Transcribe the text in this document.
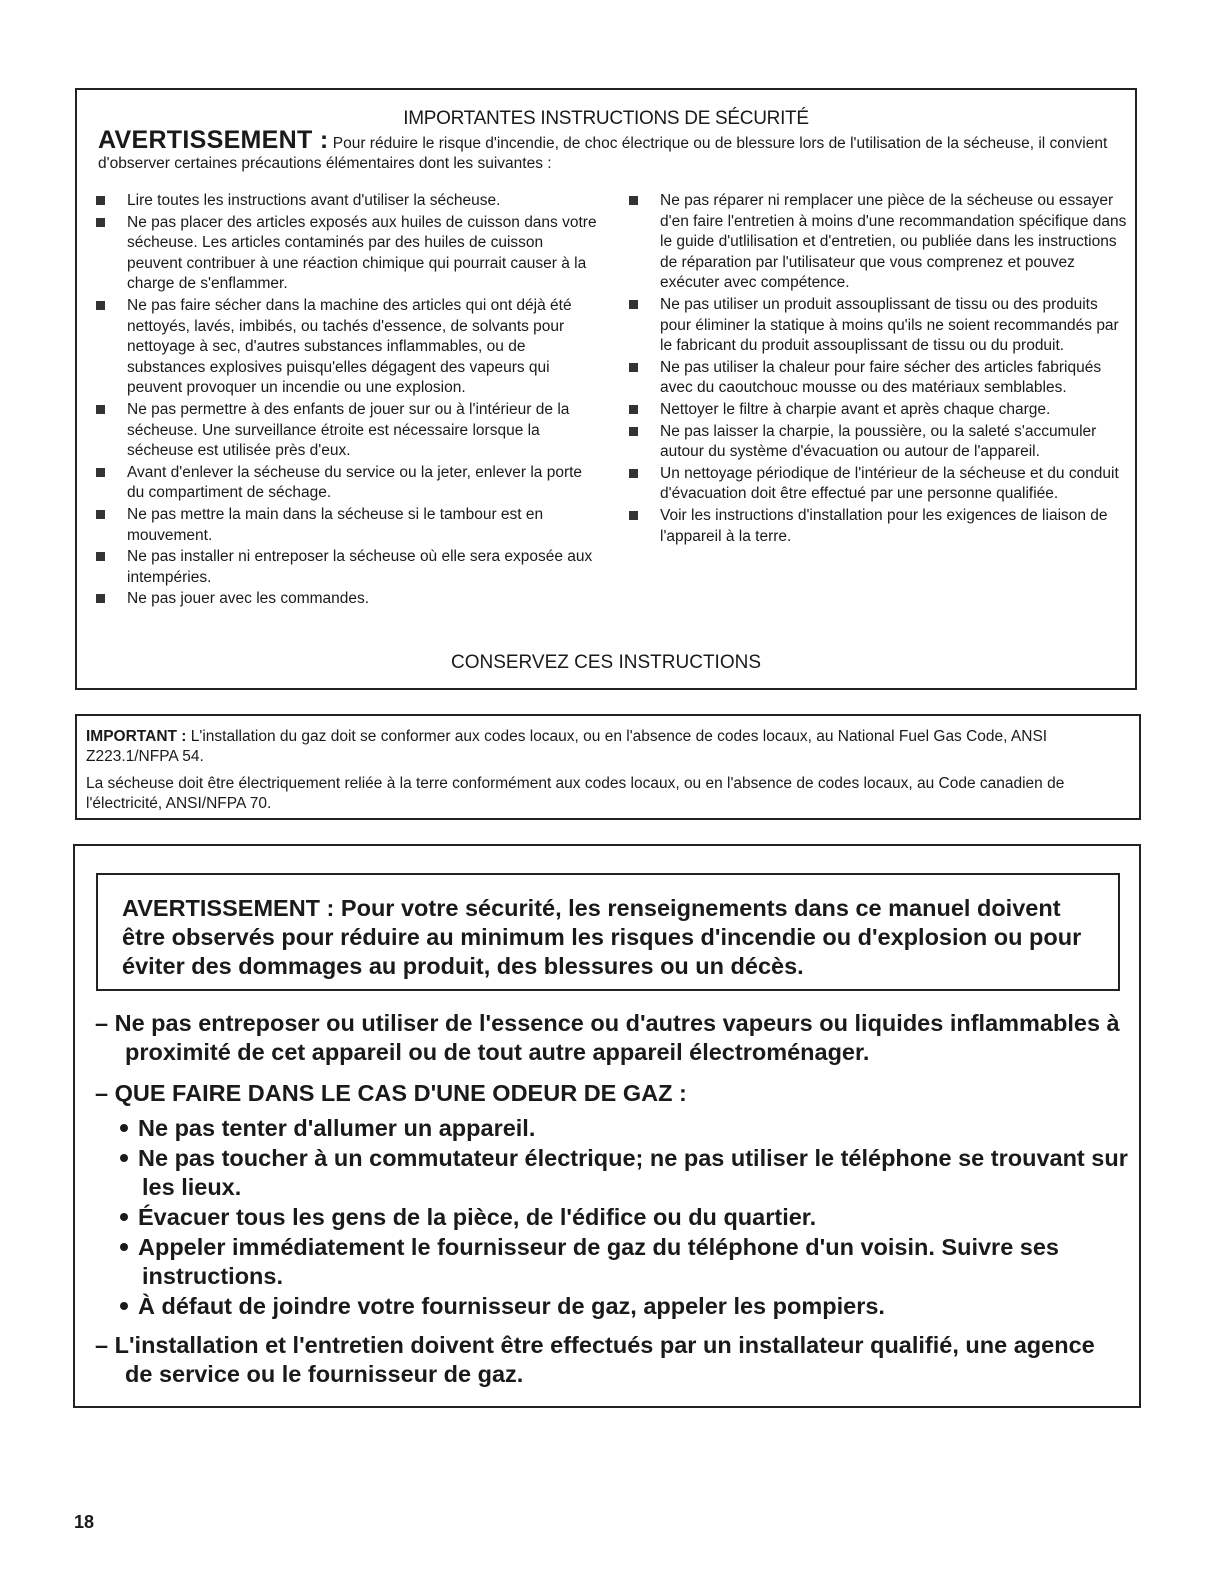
IMPORTANTES INSTRUCTIONS DE SÉCURITÉ
AVERTISSEMENT : Pour réduire le risque d'incendie, de choc électrique ou de blessure lors de l'utilisation de la sécheuse, il convient d'observer certaines précautions élémentaires dont les suivantes :
Lire toutes les instructions avant d'utiliser la sécheuse.
Ne pas placer des articles exposés aux huiles de cuisson dans votre sécheuse. Les articles contaminés par des huiles de cuisson peuvent contribuer à une réaction chimique qui pourrait causer à la charge de s'enflammer.
Ne pas faire sécher dans la machine des articles qui ont déjà été nettoyés, lavés, imbibés, ou tachés d'essence, de solvants pour nettoyage à sec, d'autres substances inflammables, ou de substances explosives puisqu'elles dégagent des vapeurs qui peuvent provoquer un incendie ou une explosion.
Ne pas permettre à des enfants de jouer sur ou à l'intérieur de la sécheuse. Une surveillance étroite est nécessaire lorsque la sécheuse est utilisée près d'eux.
Avant d'enlever la sécheuse du service ou la jeter, enlever la porte du compartiment de séchage.
Ne pas mettre la main dans la sécheuse si le tambour est en mouvement.
Ne pas installer ni entreposer la sécheuse où elle sera exposée aux intempéries.
Ne pas jouer avec les commandes.
Ne pas réparer ni remplacer une pièce de la sécheuse ou essayer d'en faire l'entretien à moins d'une recommandation spécifique dans le guide d'utlilisation et d'entretien, ou publiée dans les instructions de réparation par l'utilisateur que vous comprenez et pouvez exécuter avec compétence.
Ne pas utiliser un produit assouplissant de tissu ou des produits pour éliminer la statique à moins qu'ils ne soient recommandés par le fabricant du produit assouplissant de tissu ou du produit.
Ne pas utiliser la chaleur pour faire sécher des articles fabriqués avec du caoutchouc mousse ou des matériaux semblables.
Nettoyer le filtre à charpie avant et après chaque charge.
Ne pas laisser la charpie, la poussière, ou la saleté s'accumuler autour du système d'évacuation ou autour de l'appareil.
Un nettoyage périodique de l'intérieur de la sécheuse et du conduit d'évacuation doit être effectué par une personne qualifiée.
Voir les instructions d'installation pour les exigences de liaison de l'appareil à la terre.
CONSERVEZ CES INSTRUCTIONS

IMPORTANT : L'installation du gaz doit se conformer aux codes locaux, ou en l'absence de codes locaux, au National Fuel Gas Code, ANSI Z223.1/NFPA 54.

La sécheuse doit être électriquement reliée à la terre conformément aux codes locaux, ou en l'absence de codes locaux, au Code canadien de l'électricité, ANSI/NFPA 70.

AVERTISSEMENT : Pour votre sécurité, les renseignements dans ce manuel doivent être observés pour réduire au minimum les risques d'incendie ou d'explosion ou pour éviter des dommages au produit, des blessures ou un décès.
– Ne pas entreposer ou utiliser de l'essence ou d'autres vapeurs ou liquides inflammables à proximité de cet appareil ou de tout autre appareil électroménager.
– QUE FAIRE DANS LE CAS D'UNE ODEUR DE GAZ :
Ne pas tenter d'allumer un appareil.
Ne pas toucher à un commutateur électrique; ne pas utiliser le téléphone se trouvant sur les lieux.
Évacuer tous les gens de la pièce, de l'édifice ou du quartier.
Appeler immédiatement le fournisseur de gaz du téléphone d'un voisin. Suivre ses instructions.
À défaut de joindre votre fournisseur de gaz, appeler les pompiers.
– L'installation et l'entretien doivent être effectués par un installateur qualifié, une agence de service ou le fournisseur de gaz.
18
